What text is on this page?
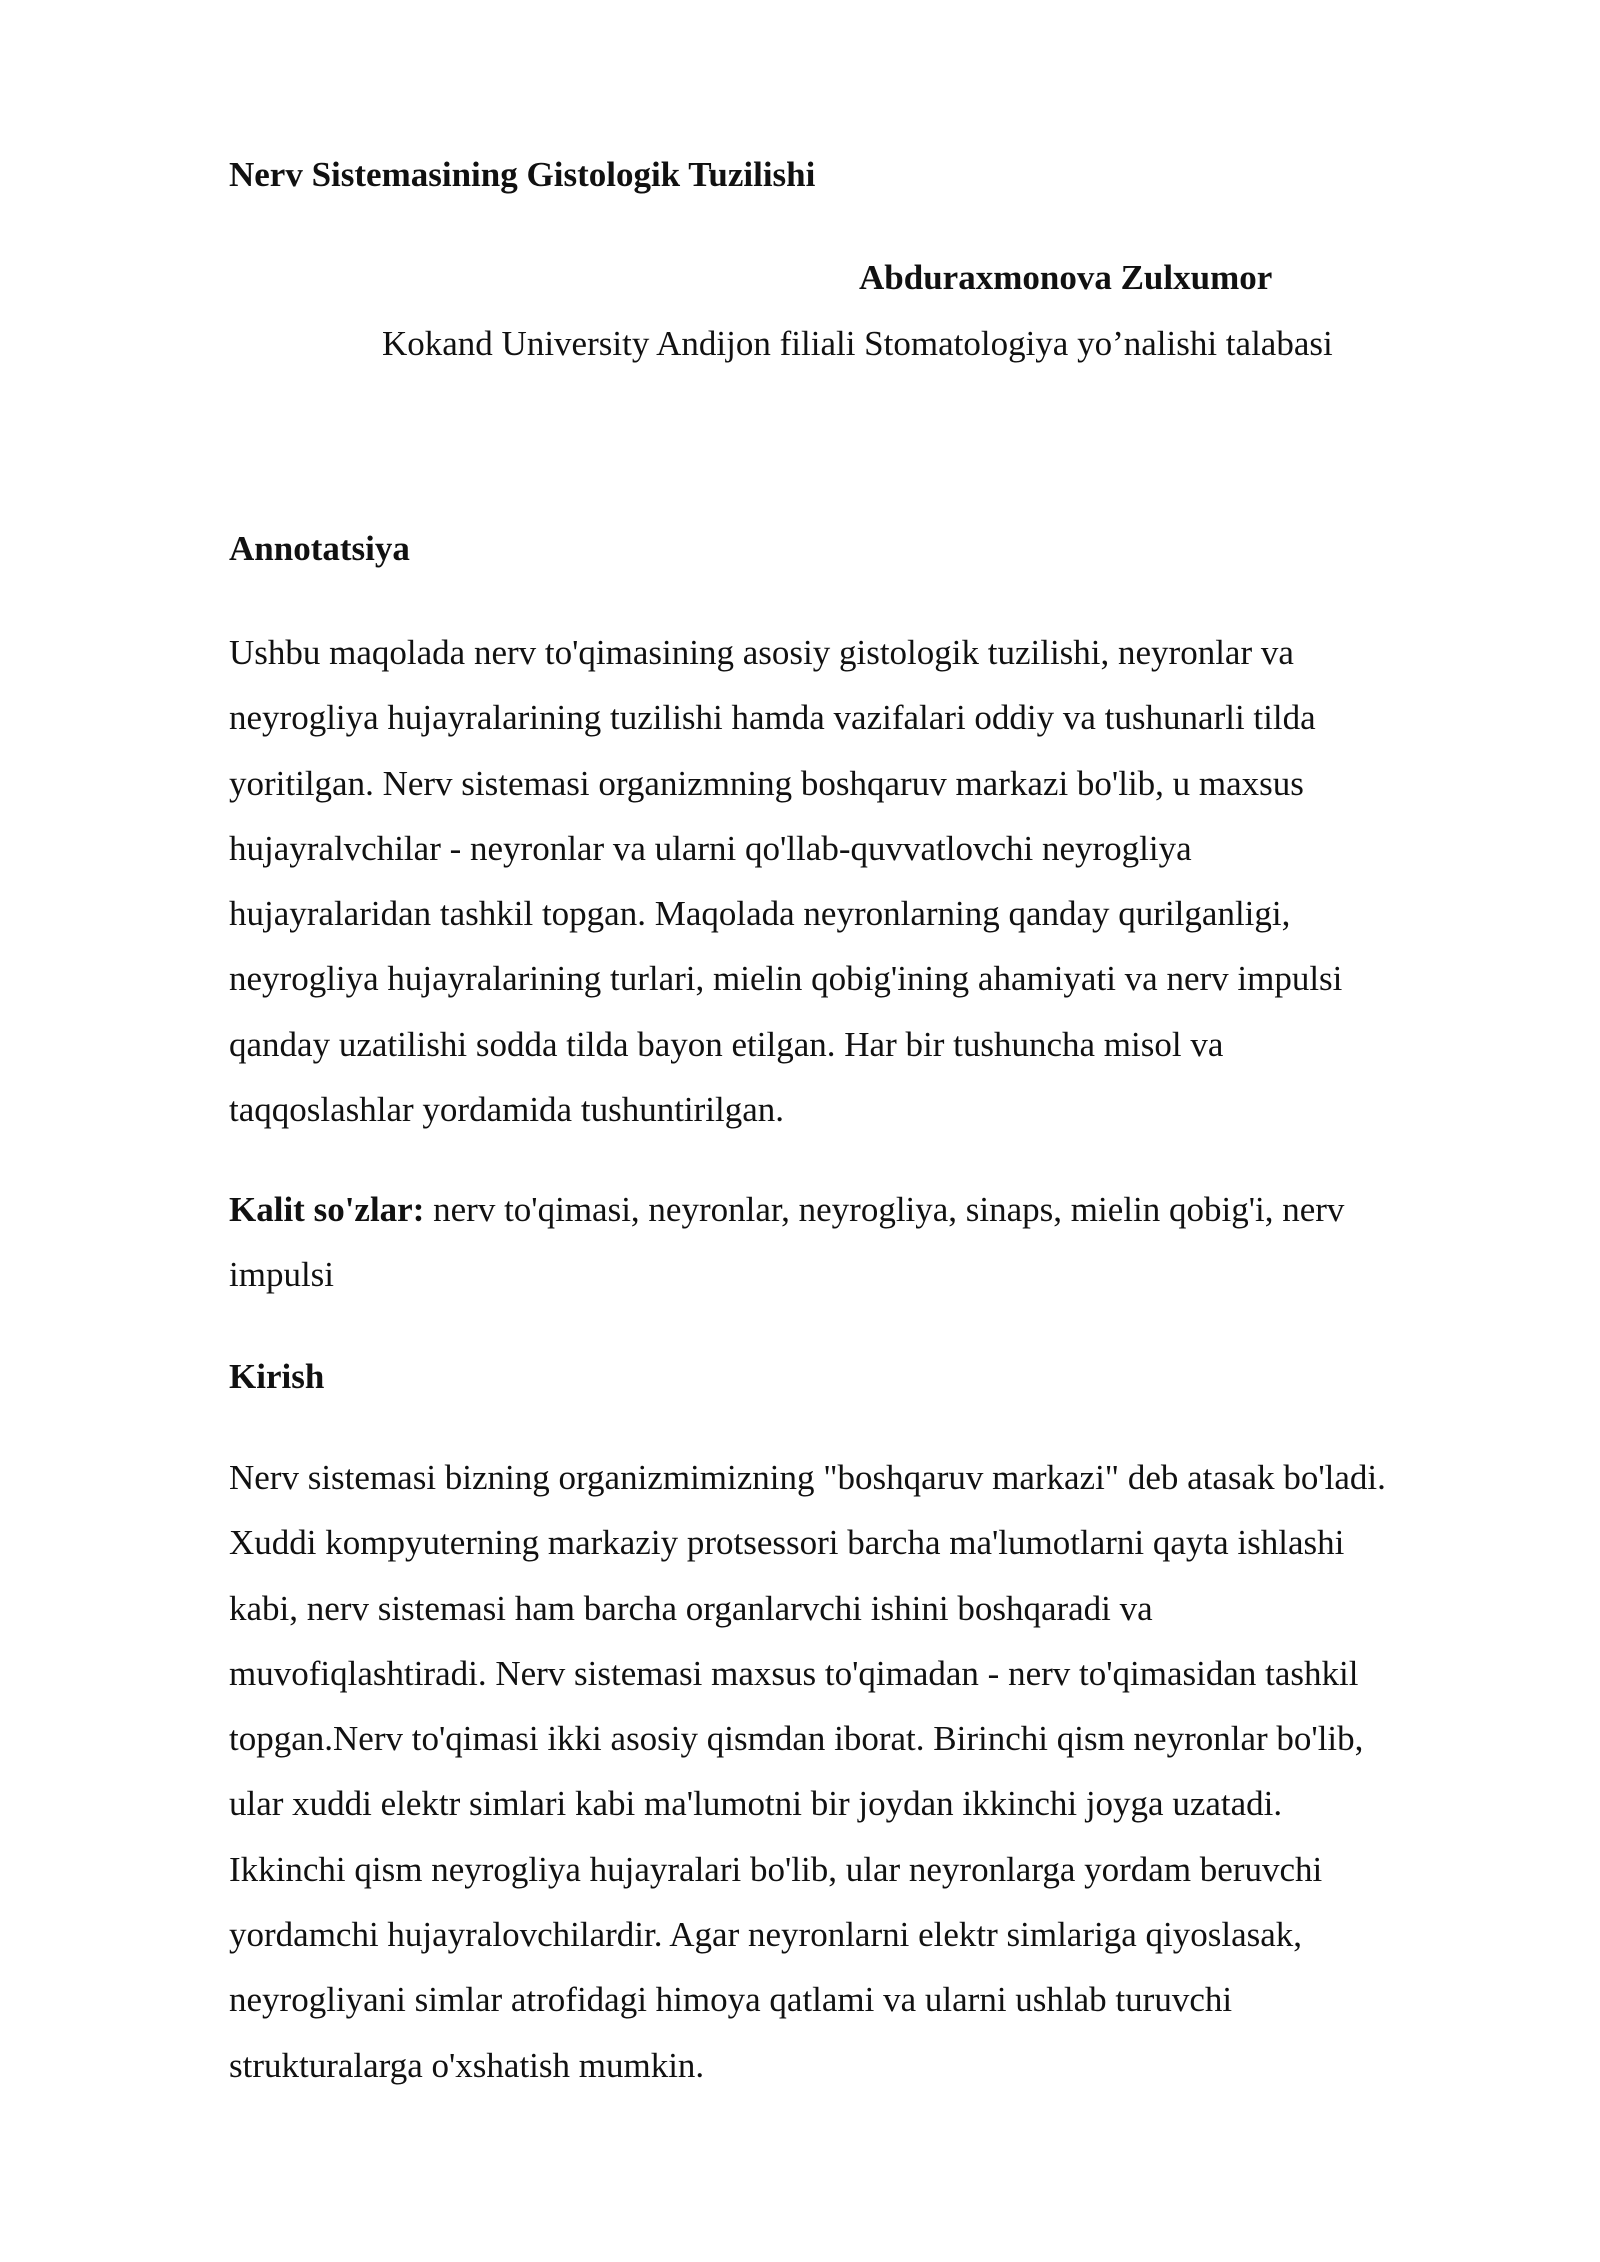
Nerv Sistemasining Gistologik Tuzilishi

Abduraxmonova Zulxumor

Kokand University Andijon filiali Stomatologiya yo’nalishi talabasi

Annotatsiya

Ushbu maqolada nerv to'qimasining asosiy gistologik tuzilishi, neyronlar va
neyrogliya hujayralarining tuzilishi hamda vazifalari oddiy va tushunarli tilda
yoritilgan. Nerv sistemasi organizmning boshqaruv markazi bo'lib, u maxsus
hujayralvchilar - neyronlar va ularni qo'llab-quvvatlovchi neyrogliya
hujayralaridan tashkil topgan. Maqolada neyronlarning qanday qurilganligi,
neyrogliya hujayralarining turlari, mielin qobig'ining ahamiyati va nerv impulsi
qanday uzatilishi sodda tilda bayon etilgan. Har bir tushuncha misol va
taqqoslashlar yordamida tushuntirilgan.

Kalit so'zlar: nerv to'qimasi, neyronlar, neyrogliya, sinaps, mielin qobig'i, nerv
impulsi

Kirish

Nerv sistemasi bizning organizmimizning "boshqaruv markazi" deb atasak bo'ladi.
Xuddi kompyuterning markaziy protsessori barcha ma'lumotlarni qayta ishlashi
kabi, nerv sistemasi ham barcha organlarvchi ishini boshqaradi va
muvofiqlashtiradi. Nerv sistemasi maxsus to'qimadan - nerv to'qimasidan tashkil
topgan.Nerv to'qimasi ikki asosiy qismdan iborat. Birinchi qism neyronlar bo'lib,
ular xuddi elektr simlari kabi ma'lumotni bir joydan ikkinchi joyga uzatadi.
Ikkinchi qism neyrogliya hujayralari bo'lib, ular neyronlarga yordam beruvchi
yordamchi hujayralovchilardir. Agar neyronlarni elektr simlariga qiyoslasak,
neyrogliyani simlar atrofidagi himoya qatlami va ularni ushlab turuvchi
strukturalarga o'xshatish mumkin.
